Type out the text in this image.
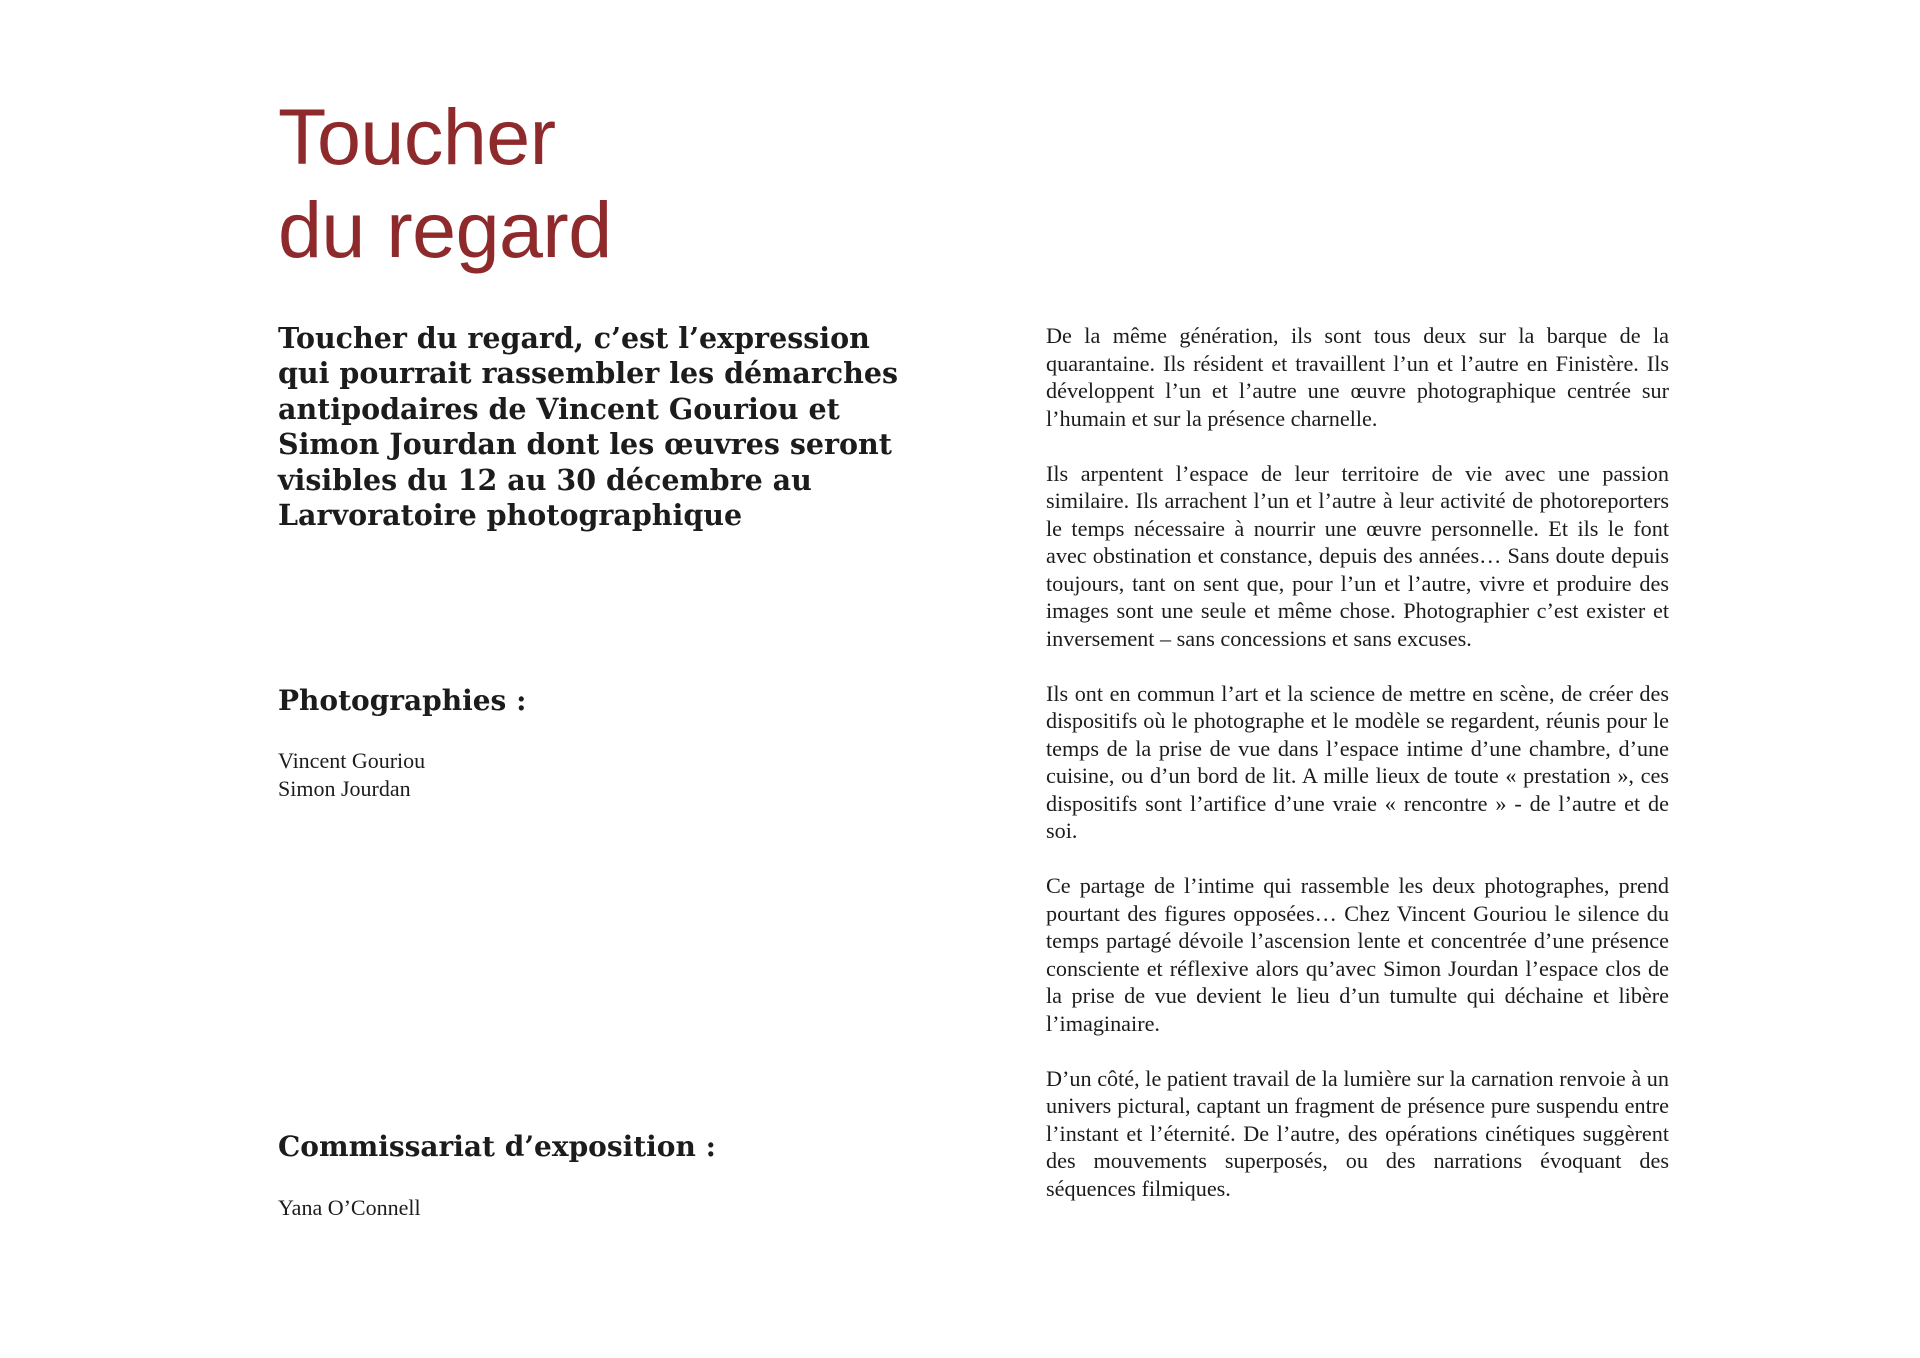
Toucher
du regard

Toucher du regard, c’est l’expression qui pourrait rassembler les démarches antipodaires de Vincent Gouriou et Simon Jourdan dont les œuvres seront visibles du 12 au 30 décembre au Larvoratoire photographique

Photographies :
Vincent Gouriou
Simon Jourdan
Commissariat d’exposition :
Yana O’Connell

De la même génération, ils sont tous deux sur la barque de la quarantaine. Ils résident et travaillent l’un et l’autre en Finistère. Ils développent l’un et l’autre une œuvre photographique centrée sur l’humain et sur la présence charnelle.

Ils arpentent l’espace de leur territoire de vie avec une passion similaire. Ils arrachent l’un et l’autre à leur activité de photoreporters le temps nécessaire à nourrir une œuvre personnelle. Et ils le font avec obstination et constance, depuis des années… Sans doute depuis toujours, tant on sent que, pour l’un et l’autre, vivre et produire des images sont une seule et même chose. Photographier c’est exister et inversement – sans concessions et sans excuses.

Ils ont en commun l’art et la science de mettre en scène, de créer des dispositifs où le photographe et le modèle se regardent, réunis pour le temps de la prise de vue dans l’espace intime d’une chambre, d’une cuisine, ou d’un bord de lit. A mille lieux de toute « prestation », ces dispositifs sont l’artifice d’une vraie « rencontre » - de l’autre et de soi.

Ce partage de l’intime qui rassemble les deux photographes, prend pourtant des figures opposées… Chez Vincent Gouriou le silence du temps partagé dévoile l’ascension lente et concentrée d’une présence consciente et réflexive alors qu’avec Simon Jourdan l’espace clos de la prise de vue devient le lieu d’un tumulte qui déchaine et libère l’imaginaire.

D’un côté, le patient travail de la lumière sur la carnation renvoie à un univers pictural, captant un fragment de présence pure suspendu entre l’instant et l’éternité. De l’autre, des opérations cinétiques suggèrent des mouvements superposés, ou des narrations évoquant des séquences filmiques.
